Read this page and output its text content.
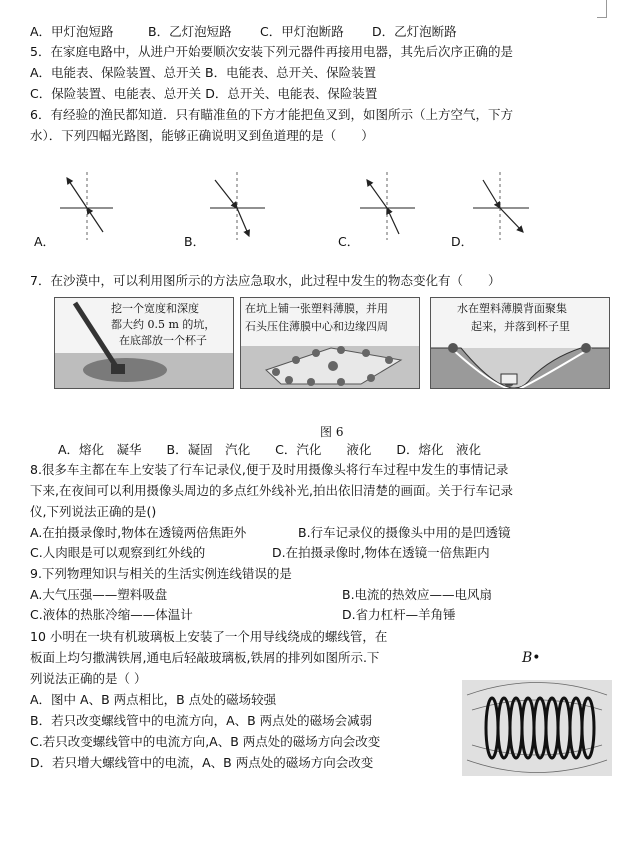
A．甲灯泡短路	B．乙灯泡短路 C．甲灯泡断路 D．乙灯泡断路
5．在家庭电路中，从进户开始要顺次安装下列元器件再接用电器，其先后次序正确的是
A．电能表、保险装置、总开关 B．电能表、总开关、保险装置
C．保险装置、电能表、总开关 D．总开关、电能表、保险装置
6．有经验的渔民都知道．只有瞄准鱼的下方才能把鱼叉到，如图所示（上方空气，下方
水）．下列四幅光路图，能够正确说明叉到鱼道理的是（　　）
A．	B．	C．	D．
7．在沙漠中，可以利用图所示的方法应急取水，此过程中发生的物态变化有（　　）
挖一个宽度和深度
都大约 0.5 m 的坑，
在底部放一个杯子
在坑上铺一张塑料薄膜，并用
石头压住薄膜中心和边缘四周
水在塑料薄膜背面聚集
起来，并落到杯子里
图 6
A．熔化　凝华　　B．凝固　汽化　　C．汽化　　液化　　D．熔化　液化
8.很多车主都在车上安装了行车记录仪,便于及时用摄像头将行车过程中发生的事情记录
下来,在夜间可以利用摄像头周边的多点红外线补光,拍出依旧清楚的画面。关于行车记录
仪,下列说法正确的是()
A.在拍摄录像时,物体在透镜两倍焦距外	B.行车记录仪的摄像头中用的是凹透镜
C.人肉眼是可以观察到红外线的	D.在拍摄录像时,物体在透镜一倍焦距内
9.下列物理知识与相关的生活实例连线错误的是
A.大气压强——塑料吸盘	B.电流的热效应——电风扇
C.液体的热胀冷缩——体温计	D.省力杠杆—羊角锤
10 小明在一块有机玻璃板上安装了一个用导线绕成的螺线管，在
板面上均匀撒满铁屑,通电后轻敲玻璃板,铁屑的排列如图所示.下
列说法正确的是（ ）
A．图中 A、B 两点相比，B 点处的磁场较强
B．若只改变螺线管中的电流方向，A、B 两点处的磁场会减弱
C.若只改变螺线管中的电流方向,A、B 两点处的磁场方向会改变
D．若只增大螺线管中的电流，A、B 两点处的磁场方向会改变
B•
